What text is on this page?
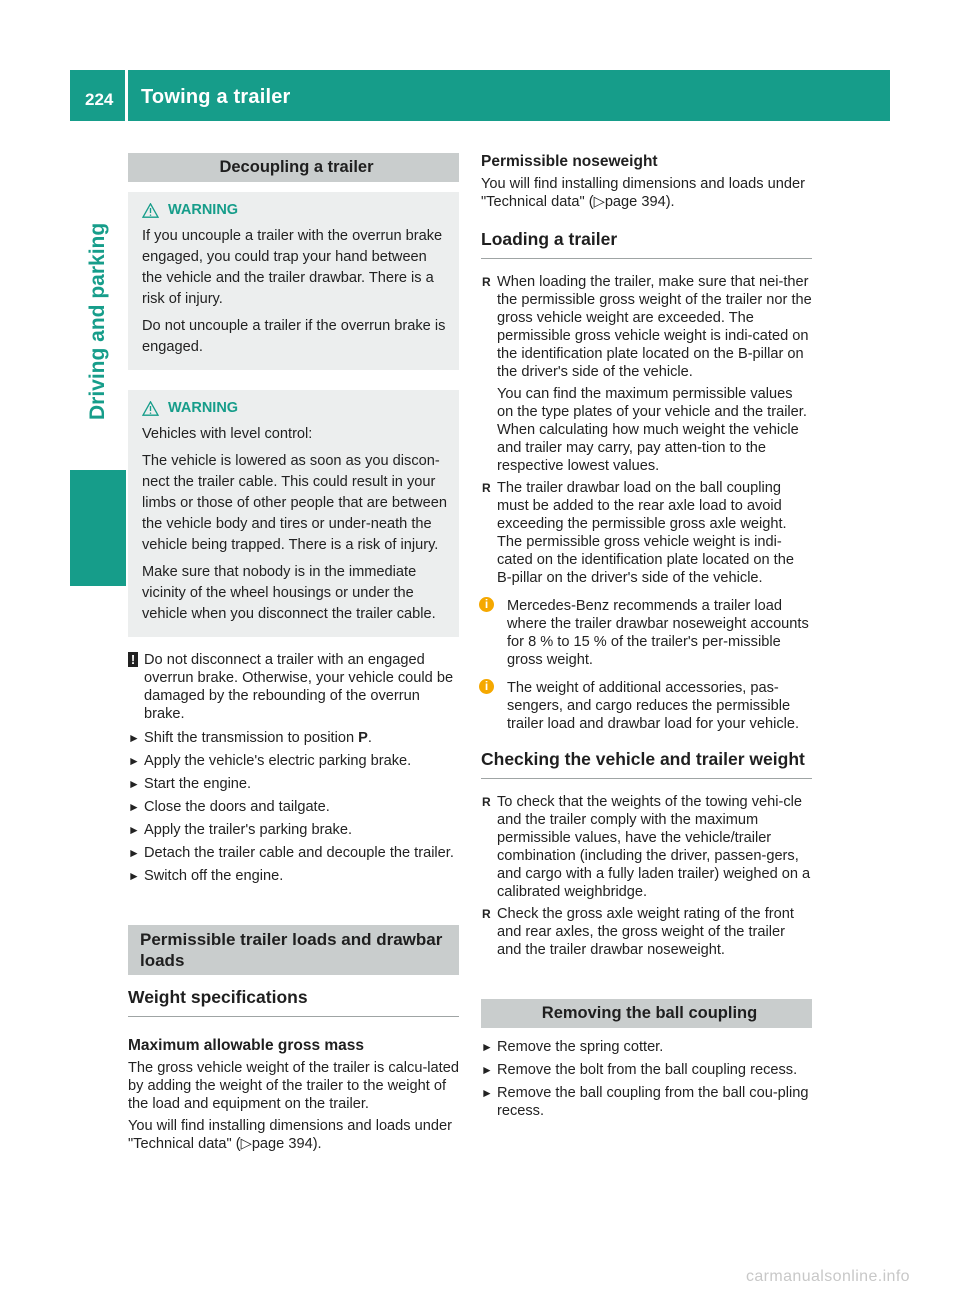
224 Towing a trailer
Driving and parking
Decoupling a trailer
WARNING

If you uncouple a trailer with the overrun brake engaged, you could trap your hand between the vehicle and the trailer drawbar. There is a risk of injury.

Do not uncouple a trailer if the overrun brake is engaged.

WARNING

Vehicles with level control:

The vehicle is lowered as soon as you discon-nect the trailer cable. This could result in your limbs or those of other people that are between the vehicle body and tires or under-neath the vehicle being trapped. There is a risk of injury.

Make sure that nobody is in the immediate vicinity of the wheel housings or under the vehicle when you disconnect the trailer cable.

! Do not disconnect a trailer with an engaged overrun brake. Otherwise, your vehicle could be damaged by the rebounding of the overrun brake.
► Shift the transmission to position P.
► Apply the vehicle's electric parking brake.
► Start the engine.
► Close the doors and tailgate.
► Apply the trailer's parking brake.
► Detach the trailer cable and decouple the trailer.
► Switch off the engine.
Permissible trailer loads and drawbar loads
Weight specifications
Maximum allowable gross mass

The gross vehicle weight of the trailer is calcu-lated by adding the weight of the trailer to the weight of the load and equipment on the trailer.

You will find installing dimensions and loads under "Technical data" (▷page 394).

Permissible noseweight

You will find installing dimensions and loads under "Technical data" (▷page 394).

Loading a trailer
R When loading the trailer, make sure that nei-ther the permissible gross weight of the trailer nor the gross vehicle weight are exceeded. The permissible gross vehicle weight is indi-cated on the identification plate located on the B-pillar on the driver's side of the vehicle.

You can find the maximum permissible values on the type plates of your vehicle and the trailer. When calculating how much weight the vehicle and trailer may carry, pay atten-tion to the respective lowest values.

R The trailer drawbar load on the ball coupling must be added to the rear axle load to avoid exceeding the permissible gross axle weight. The permissible gross vehicle weight is indi-cated on the identification plate located on the B-pillar on the driver's side of the vehicle.

i	Mercedes-Benz recommends a trailer load where the trailer drawbar noseweight accounts for 8 % to 15 % of the trailer's per-missible gross weight.
i	The weight of additional accessories, pas-sengers, and cargo reduces the permissible trailer load and drawbar load for your vehicle.
Checking the vehicle and trailer weight
R To check that the weights of the towing vehi-cle and the trailer comply with the maximum permissible values, have the vehicle/trailer combination (including the driver, passen-gers, and cargo with a fully laden trailer) weighed on a calibrated weighbridge.

R Check the gross axle weight rating of the front and rear axles, the gross weight of the trailer and the trailer drawbar noseweight.

Removing the ball coupling
► Remove the spring cotter.
► Remove the bolt from the ball coupling recess.
► Remove the ball coupling from the ball cou-pling recess.
carmanualsonline.info
